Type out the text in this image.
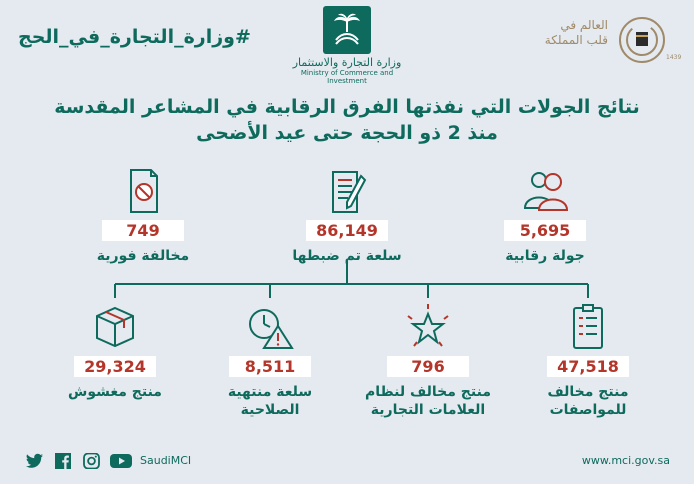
#وزارة_التجارة_في_الحج
وزارة التجارة والاستثمار
Ministry of Commerce and Investment
العالم في قلب المملكة
1439
نتائج الجولات التي نفذتها الفرق الرقابية في المشاعر المقدسة
منذ 2 ذو الحجة حتى عيد الأضحى
749
مخالفة فورية
86,149
سلعة تم ضبطها
5,695
جولة رقابية
29,324
منتج مغشوش
8,511
سلعة منتهية الصلاحية
796
منتج مخالف لنظام العلامات التجارية
47,518
منتج مخالف للمواصفات
SaudiMCI	www.mci.gov.sa
